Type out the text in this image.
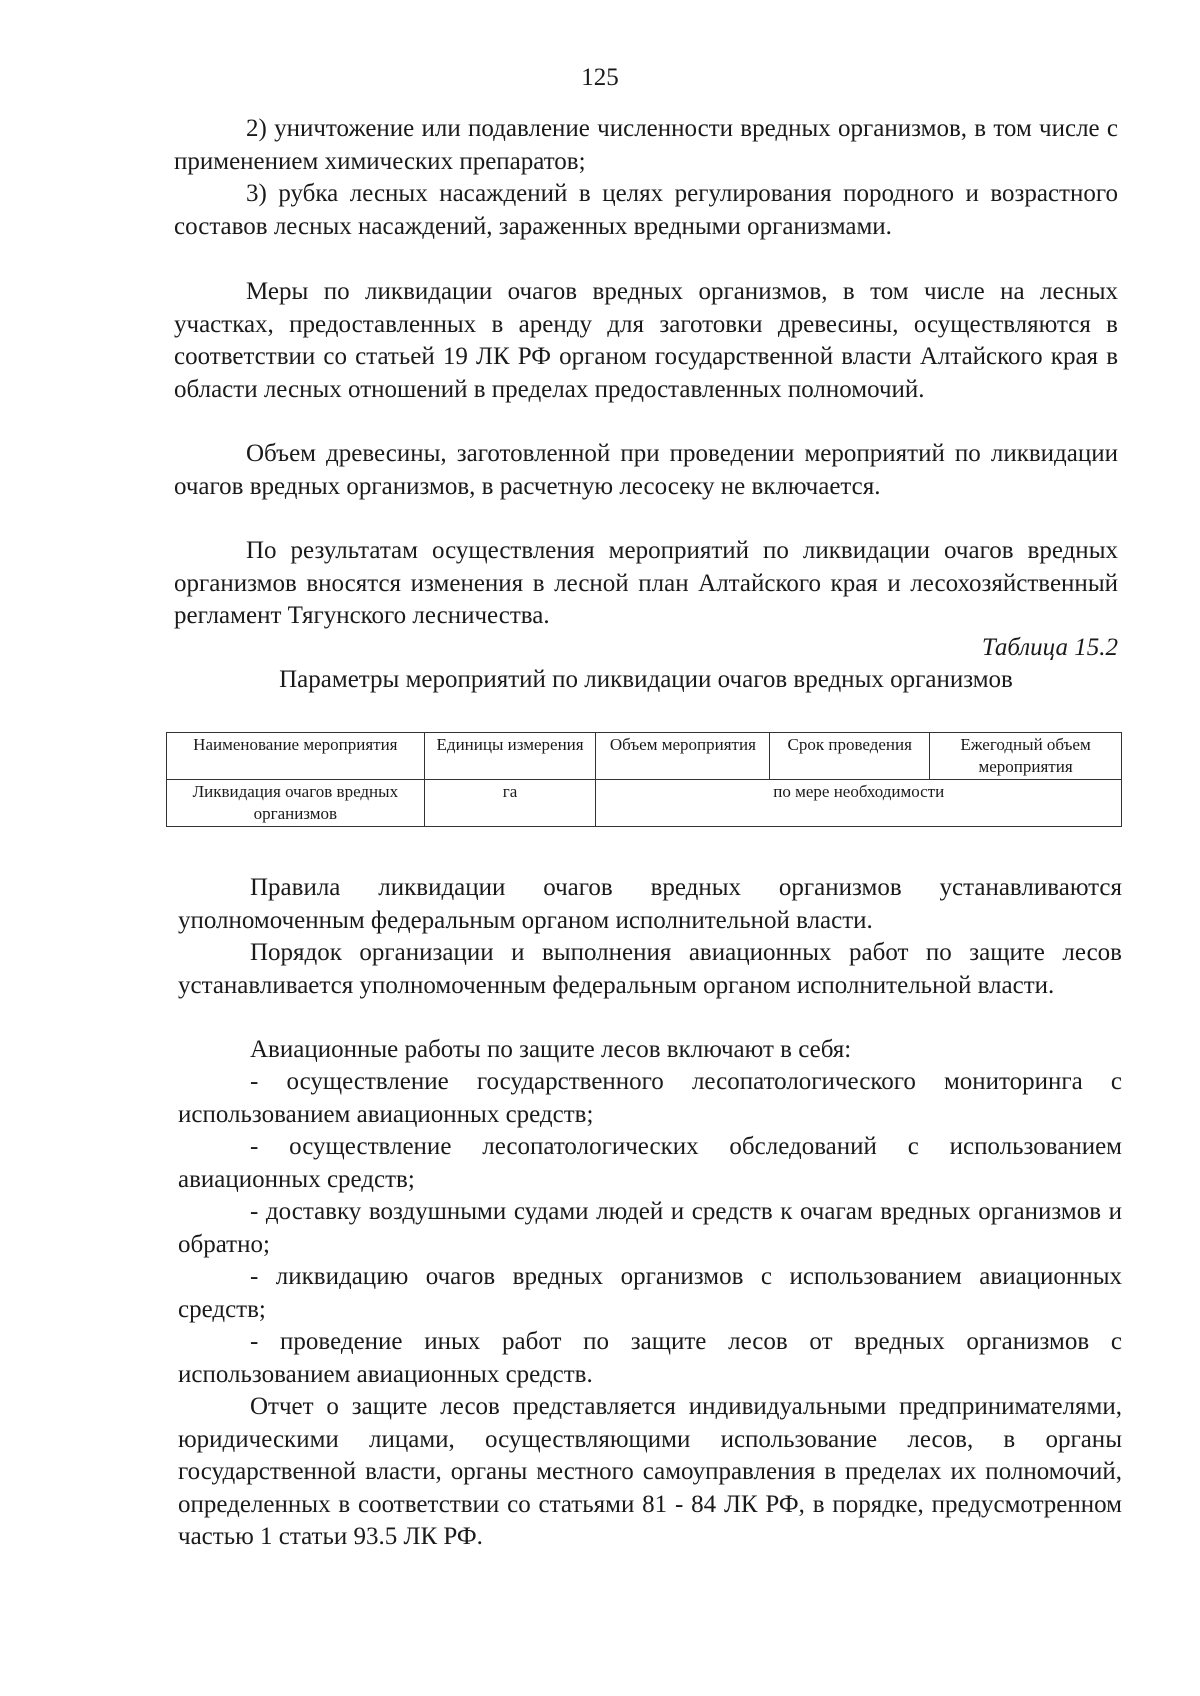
125

2) уничтожение или подавление численности вредных организмов, в том числе с применением химических препаратов;

3) рубка лесных насаждений в целях регулирования породного и возрастного составов лесных насаждений, зараженных вредными организмами.

Меры по ликвидации очагов вредных организмов, в том числе на лесных участках, предоставленных в аренду для заготовки древесины, осуществляются в соответствии со статьей 19 ЛК РФ органом государственной власти Алтайского края в области лесных отношений в пределах предоставленных полномочий.

Объем древесины, заготовленной при проведении мероприятий по ликвидации очагов вредных организмов, в расчетную лесосеку не включается.

По результатам осуществления мероприятий по ликвидации очагов вредных организмов вносятся изменения в лесной план Алтайского края и лесохозяйственный регламент Тягунского лесничества.

Таблица 15.2

Параметры мероприятий по ликвидации очагов вредных организмов

Наименование мероприятия	Единицы измерения	Объем мероприятия	Срок проведения	Ежегодный объем мероприятия
Ликвидация очагов вредных организмов	га	по мере необходимости		

Правила ликвидации очагов вредных организмов устанавливаются уполномоченным федеральным органом исполнительной власти.

Порядок организации и выполнения авиационных работ по защите лесов устанавливается уполномоченным федеральным органом исполнительной власти.

Авиационные работы по защите лесов включают в себя:

- осуществление государственного лесопатологического мониторинга с использованием авиационных средств;

- осуществление лесопатологических обследований с использованием авиационных средств;

- доставку воздушными судами людей и средств к очагам вредных организмов и обратно;

- ликвидацию очагов вредных организмов с использованием авиационных средств;

- проведение иных работ по защите лесов от вредных организмов с использованием авиационных средств.

Отчет о защите лесов представляется индивидуальными предпринимателями, юридическими лицами, осуществляющими использование лесов, в органы государственной власти, органы местного самоуправления в пределах их полномочий, определенных в соответствии со статьями 81 - 84 ЛК РФ, в порядке, предусмотренном частью 1 статьи 93.5 ЛК РФ.
